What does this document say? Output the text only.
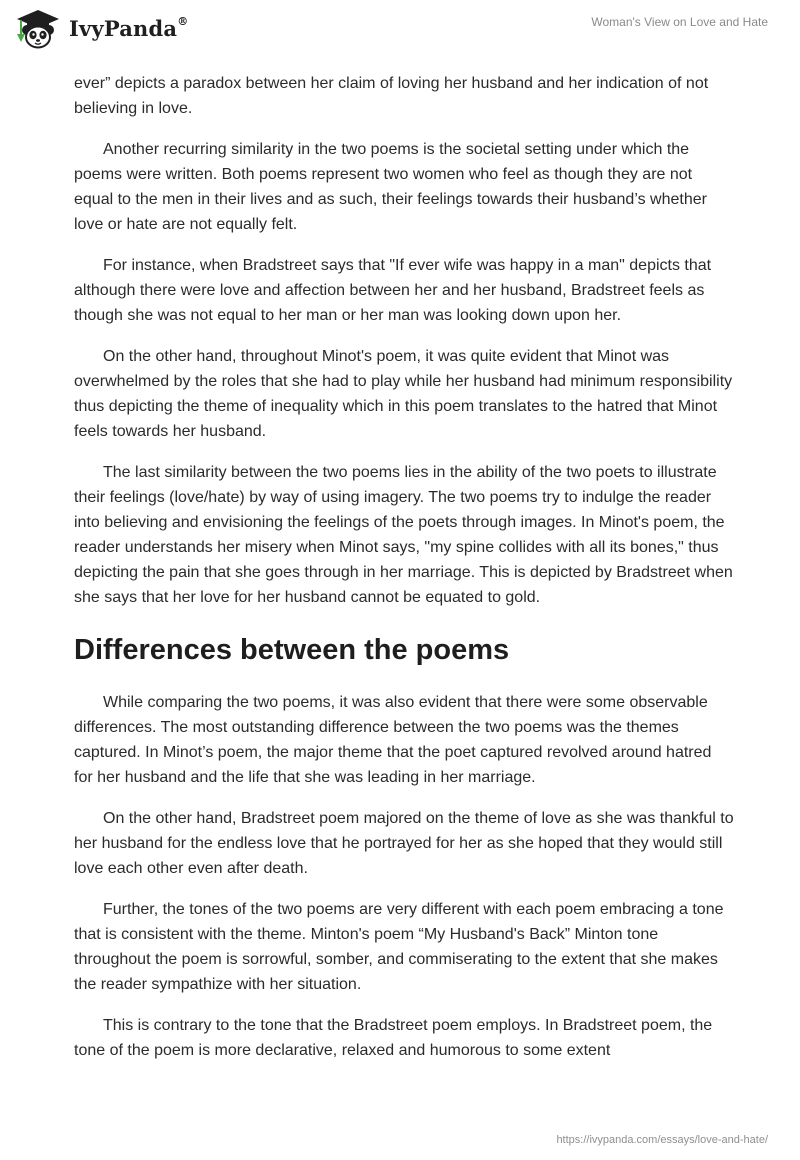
IvyPanda®	Woman's View on Love and Hate

ever” depicts a paradox between her claim of loving her husband and her indication of not believing in love.

Another recurring similarity in the two poems is the societal setting under which the poems were written. Both poems represent two women who feel as though they are not equal to the men in their lives and as such, their feelings towards their husband’s whether love or hate are not equally felt.

For instance, when Bradstreet says that "If ever wife was happy in a man" depicts that although there were love and affection between her and her husband, Bradstreet feels as though she was not equal to her man or her man was looking down upon her.

On the other hand, throughout Minot's poem, it was quite evident that Minot was overwhelmed by the roles that she had to play while her husband had minimum responsibility thus depicting the theme of inequality which in this poem translates to the hatred that Minot feels towards her husband.

The last similarity between the two poems lies in the ability of the two poets to illustrate their feelings (love/hate) by way of using imagery. The two poems try to indulge the reader into believing and envisioning the feelings of the poets through images. In Minot's poem, the reader understands her misery when Minot says, "my spine collides with all its bones," thus depicting the pain that she goes through in her marriage. This is depicted by Bradstreet when she says that her love for her husband cannot be equated to gold.

Differences between the poems

While comparing the two poems, it was also evident that there were some observable differences. The most outstanding difference between the two poems was the themes captured. In Minot’s poem, the major theme that the poet captured revolved around hatred for her husband and the life that she was leading in her marriage.

On the other hand, Bradstreet poem majored on the theme of love as she was thankful to her husband for the endless love that he portrayed for her as she hoped that they would still love each other even after death.

Further, the tones of the two poems are very different with each poem embracing a tone that is consistent with the theme. Minton's poem “My Husband's Back” Minton tone throughout the poem is sorrowful, somber, and commiserating to the extent that she makes the reader sympathize with her situation.

This is contrary to the tone that the Bradstreet poem employs. In Bradstreet poem, the tone of the poem is more declarative, relaxed and humorous to some extent

https://ivypanda.com/essays/love-and-hate/
